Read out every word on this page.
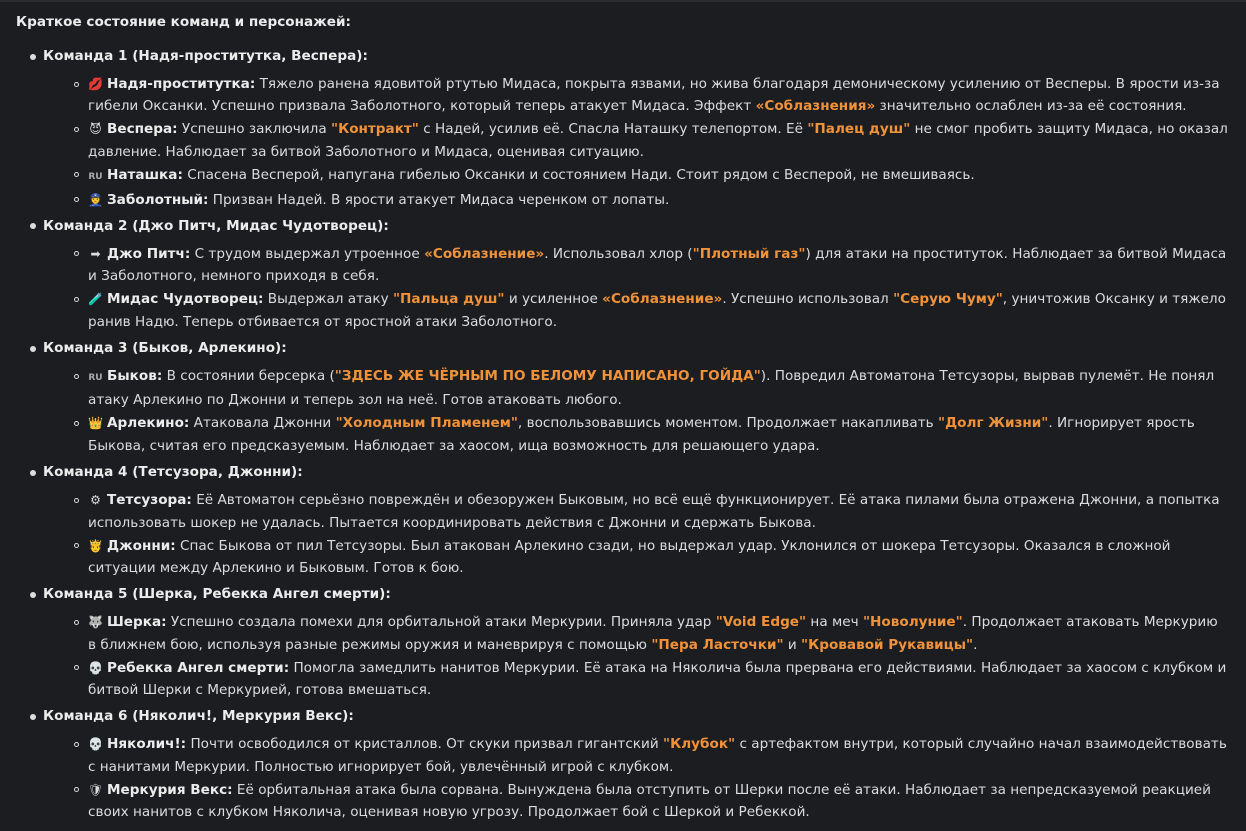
Краткое состояние команд и персонажей:
Команда 1 (Надя-проститутка, Веспера):
💋 Надя-проститутка: Тяжело ранена ядовитой ртутью Мидаса, покрыта язвами, но жива благодаря демоническому усилению от Весперы. В ярости из-за гибели Оксанки. Успешно призвала Заболотного, который теперь атакует Мидаса. Эффект «Соблазнения» значительно ослаблен из-за её состояния.
😈 Веспера: Успешно заключила "Контракт" с Надей, усилив её. Спасла Наташку телепортом. Её "Палец душ" не смог пробить защиту Мидаса, но оказал давление. Наблюдает за битвой Заболотного и Мидаса, оценивая ситуацию.
RU Наташка: Спасена Весперой, напугана гибелью Оксанки и состоянием Нади. Стоит рядом с Весперой, не вмешиваясь.
👮 Заболотный: Призван Надей. В ярости атакует Мидаса черенком от лопаты.
Команда 2 (Джо Питч, Мидас Чудотворец):
➡ Джо Питч: С трудом выдержал утроенное «Соблазнение». Использовал хлор ("Плотный газ") для атаки на проституток. Наблюдает за битвой Мидаса и Заболотного, немного приходя в себя.
🧪 Мидас Чудотворец: Выдержал атаку "Пальца душ" и усиленное «Соблазнение». Успешно использовал "Серую Чуму", уничтожив Оксанку и тяжело ранив Надю. Теперь отбивается от яростной атаки Заболотного.
Команда 3 (Быков, Арлекино):
RU Быков: В состоянии берсерка ("ЗДЕСЬ ЖЕ ЧЁРНЫМ ПО БЕЛОМУ НАПИСАНО, ГОЙДА"). Повредил Автоматона Тетсузоры, вырвав пулемёт. Не понял атаку Арлекино по Джонни и теперь зол на неё. Готов атаковать любого.
👑 Арлекино: Атаковала Джонни "Холодным Пламенем", воспользовавшись моментом. Продолжает накапливать "Долг Жизни". Игнорирует ярость Быкова, считая его предсказуемым. Наблюдает за хаосом, ища возможность для решающего удара.
Команда 4 (Тетсузора, Джонни):
⚙ Тетсузора: Её Автоматон серьёзно повреждён и обезоружен Быковым, но всё ещё функционирует. Её атака пилами была отражена Джонни, а попытка использовать шокер не удалась. Пытается координировать действия с Джонни и сдержать Быкова.
🤴 Джонни: Спас Быкова от пил Тетсузоры. Был атакован Арлекино сзади, но выдержал удар. Уклонился от шокера Тетсузоры. Оказался в сложной ситуации между Арлекино и Быковым. Готов к бою.
Команда 5 (Шерка, Ребекка Ангел смерти):
🐺 Шерка: Успешно создала помехи для орбитальной атаки Меркурии. Приняла удар "Void Edge" на меч "Новолуние". Продолжает атаковать Меркурию в ближнем бою, используя разные режимы оружия и маневрируя с помощью "Пера Ласточки" и "Кровавой Рукавицы".
💀 Ребекка Ангел смерти: Помогла замедлить нанитов Меркурии. Её атака на Няколича была прервана его действиями. Наблюдает за хаосом с клубком и битвой Шерки с Меркурией, готова вмешаться.
Команда 6 (Няколич!, Меркурия Векс):
💀 Няколич!: Почти освободился от кристаллов. От скуки призвал гигантский "Клубок" с артефактом внутри, который случайно начал взаимодействовать с нанитами Меркурии. Полностью игнорирует бой, увлечённый игрой с клубком.
🛡 Меркурия Векс: Её орбитальная атака была сорвана. Вынуждена была отступить от Шерки после её атаки. Наблюдает за непредсказуемой реакцией своих нанитов с клубком Няколича, оценивая новую угрозу. Продолжает бой с Шеркой и Ребеккой.
